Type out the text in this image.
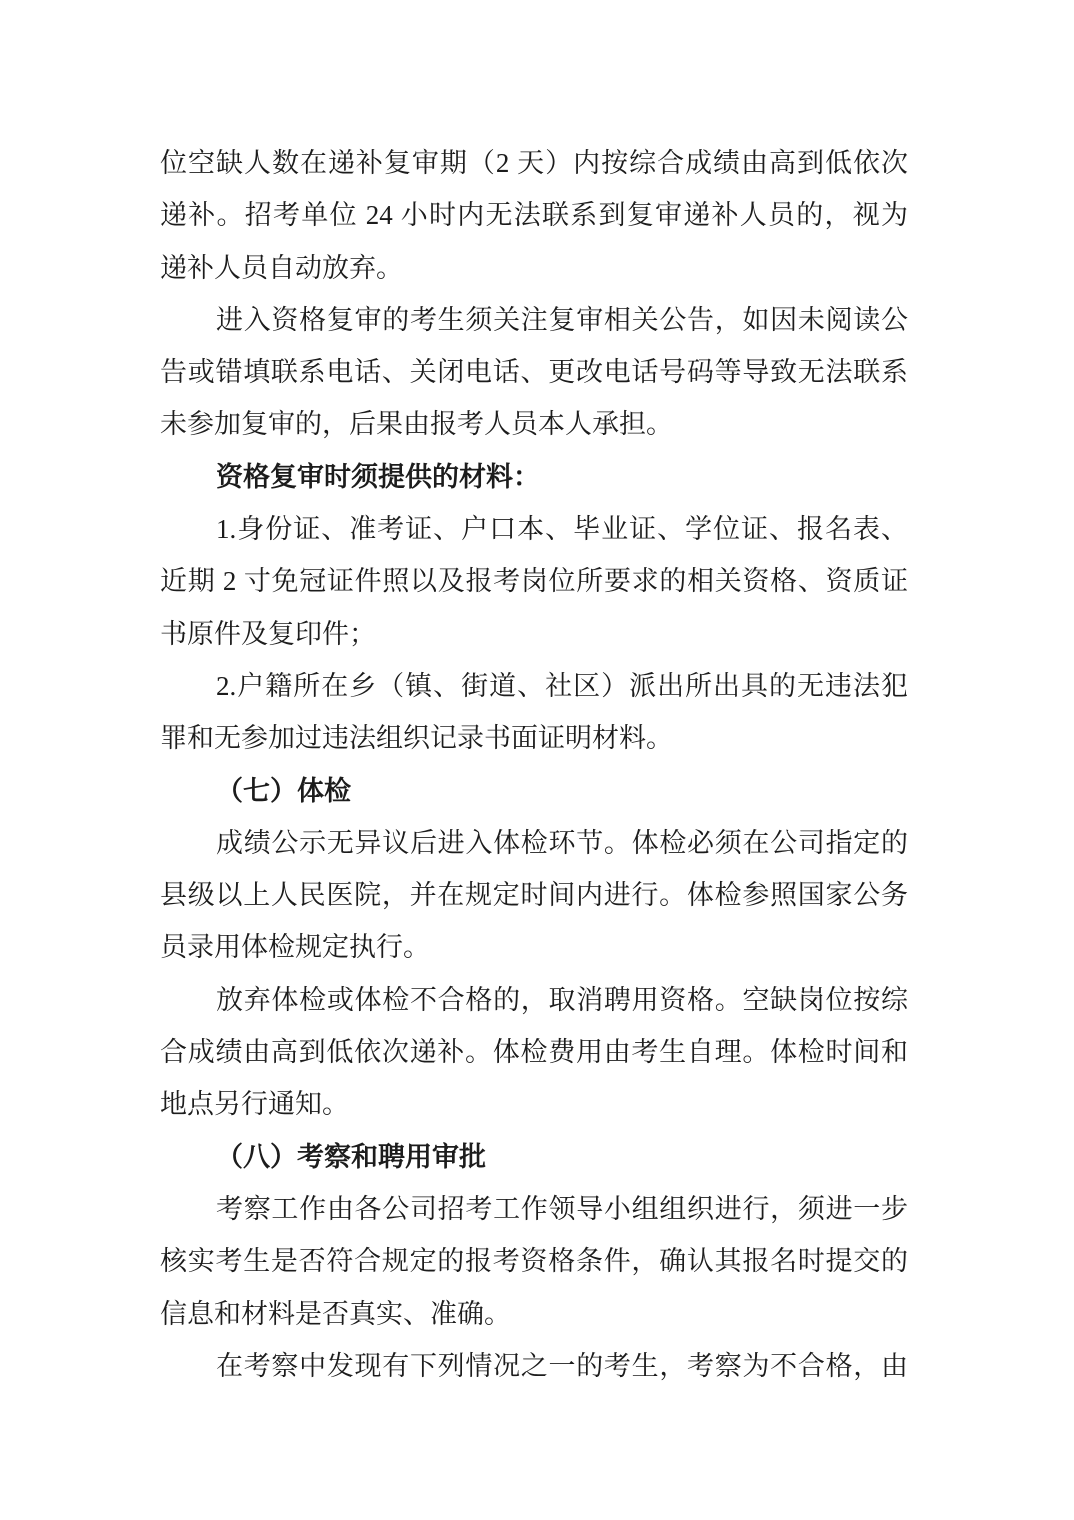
位空缺人数在递补复审期（2 天）内按综合成绩由高到低依次
递补。招考单位 24 小时内无法联系到复审递补人员的，视为
递补人员自动放弃。
进入资格复审的考生须关注复审相关公告，如因未阅读公
告或错填联系电话、关闭电话、更改电话号码等导致无法联系
未参加复审的，后果由报考人员本人承担。
资格复审时须提供的材料：
1.身份证、准考证、户口本、毕业证、学位证、报名表、
近期 2 寸免冠证件照以及报考岗位所要求的相关资格、资质证
书原件及复印件；
2.户籍所在乡（镇、街道、社区）派出所出具的无违法犯
罪和无参加过违法组织记录书面证明材料。
（七）体检
成绩公示无异议后进入体检环节。体检必须在公司指定的
县级以上人民医院，并在规定时间内进行。体检参照国家公务
员录用体检规定执行。
放弃体检或体检不合格的，取消聘用资格。空缺岗位按综
合成绩由高到低依次递补。体检费用由考生自理。体检时间和
地点另行通知。
（八）考察和聘用审批
考察工作由各公司招考工作领导小组组织进行，须进一步
核实考生是否符合规定的报考资格条件，确认其报名时提交的
信息和材料是否真实、准确。
在考察中发现有下列情况之一的考生，考察为不合格，由
